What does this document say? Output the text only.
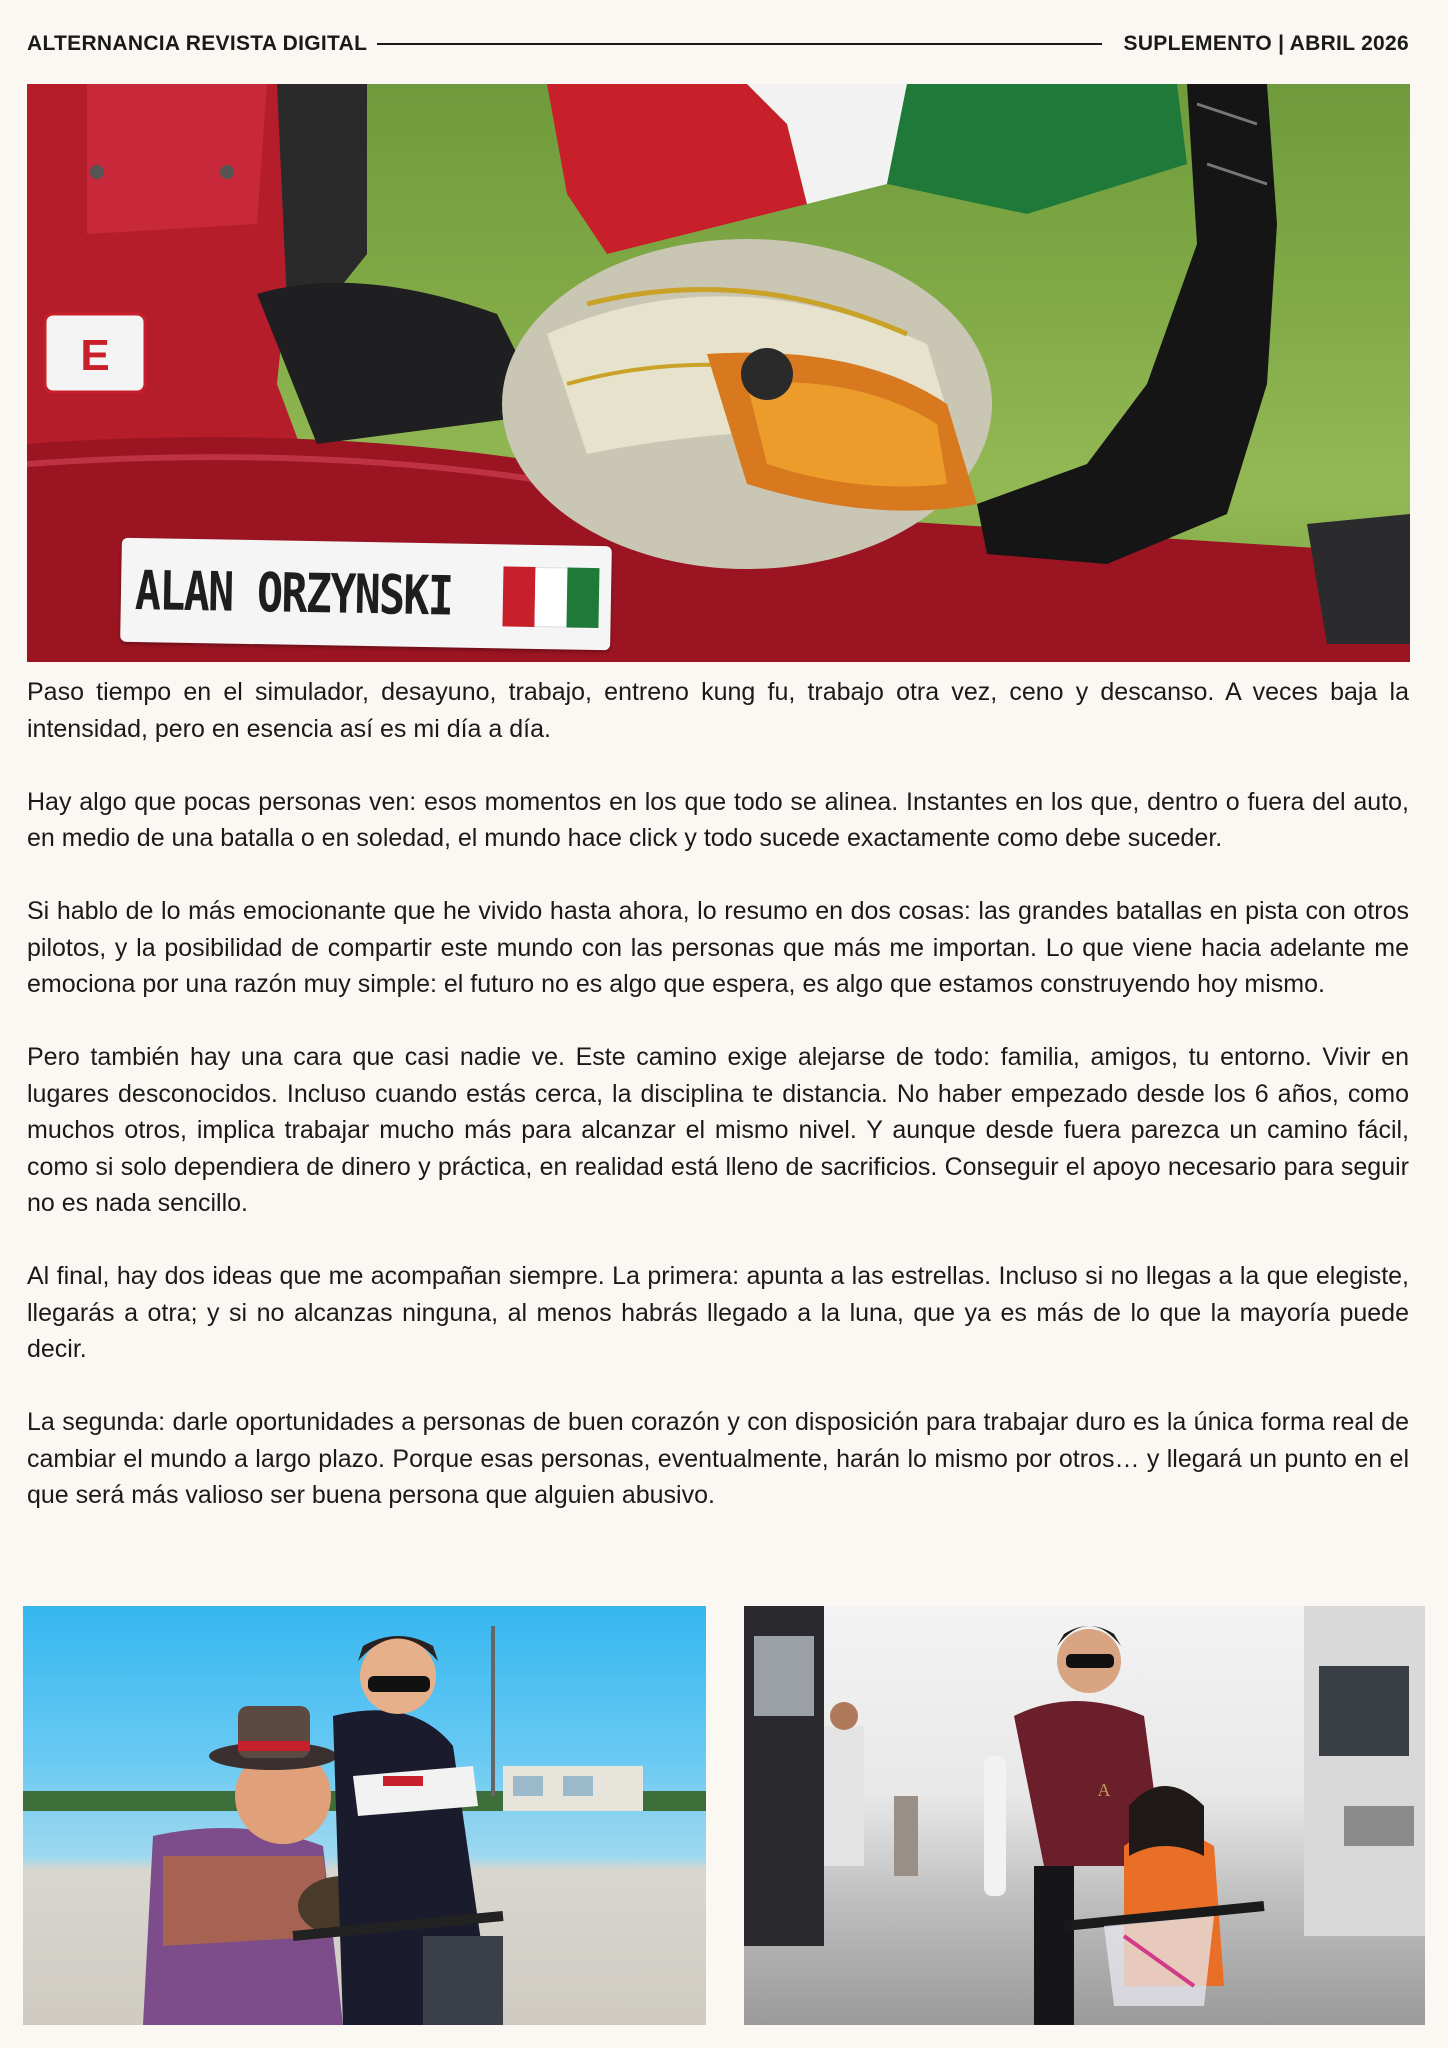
ALTERNANCIA REVISTA DIGITAL	SUPLEMENTO | ABRIL 2026
E
ALAN ORZYNSKI

Paso tiempo en el simulador, desayuno, trabajo, entreno kung fu, trabajo otra vez, ceno y descanso. A veces baja la intensidad, pero en esencia así es mi día a día.

Hay algo que pocas personas ven: esos momentos en los que todo se alinea. Instantes en los que, dentro o fuera del auto, en medio de una batalla o en soledad, el mundo hace click y todo sucede exactamente como debe suceder.

Si hablo de lo más emocionante que he vivido hasta ahora, lo resumo en dos cosas: las grandes batallas en pista con otros pilotos, y la posibilidad de compartir este mundo con las personas que más me importan. Lo que viene hacia adelante me emociona por una razón muy simple: el futuro no es algo que espera, es algo que estamos construyendo hoy mismo.

Pero también hay una cara que casi nadie ve. Este camino exige alejarse de todo: familia, amigos, tu entorno. Vivir en lugares desconocidos. Incluso cuando estás cerca, la disciplina te distancia. No haber empezado desde los 6 años, como muchos otros, implica trabajar mucho más para alcanzar el mismo nivel. Y aunque desde fuera parezca un camino fácil, como si solo dependiera de dinero y práctica, en realidad está lleno de sacrificios. Conseguir el apoyo necesario para seguir no es nada sencillo.

Al final, hay dos ideas que me acompañan siempre. La primera: apunta a las estrellas. Incluso si no llegas a la que elegiste, llegarás a otra; y si no alcanzas ninguna, al menos habrás llegado a la luna, que ya es más de lo que la mayoría puede decir.

La segunda: darle oportunidades a personas de buen corazón y con disposición para trabajar duro es la única forma real de cambiar el mundo a largo plazo. Porque esas personas, eventualmente, harán lo mismo por otros… y llegará un punto en el que será más valioso ser buena persona que alguien abusivo.

A
